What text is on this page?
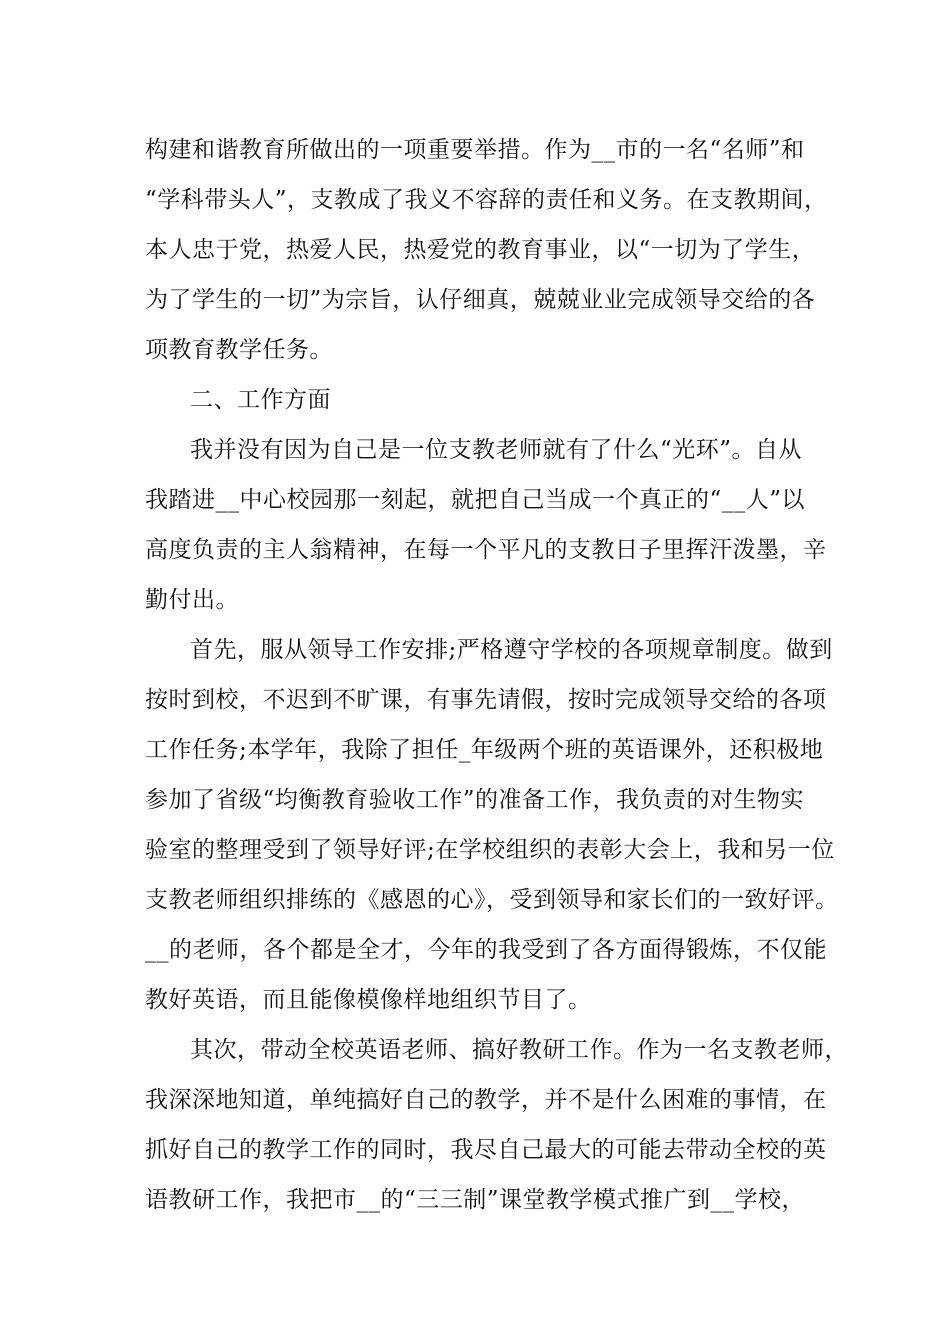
构建和谐教育所做出的一项重要举措。作为__市的一名“名师”和
“学科带头人”，支教成了我义不容辞的责任和义务。在支教期间，
本人忠于党，热爱人民，热爱党的教育事业，以“一切为了学生，
为了学生的一切”为宗旨，认仔细真，兢兢业业完成领导交给的各
项教育教学任务。
二、工作方面
我并没有因为自己是一位支教老师就有了什么“光环”。自从
我踏进__中心校园那一刻起，就把自己当成一个真正的“__人”以
高度负责的主人翁精神，在每一个平凡的支教日子里挥汗泼墨，辛
勤付出。
首先，服从领导工作安排;严格遵守学校的各项规章制度。做到
按时到校，不迟到不旷课，有事先请假，按时完成领导交给的各项
工作任务;本学年，我除了担任_年级两个班的英语课外，还积极地
参加了省级“均衡教育验收工作”的准备工作，我负责的对生物实
验室的整理受到了领导好评;在学校组织的表彰大会上，我和另一位
支教老师组织排练的《感恩的心》，受到领导和家长们的一致好评。
__的老师，各个都是全才，今年的我受到了各方面得锻炼，不仅能
教好英语，而且能像模像样地组织节目了。
其次，带动全校英语老师、搞好教研工作。作为一名支教老师，
我深深地知道，单纯搞好自己的教学，并不是什么困难的事情，在
抓好自己的教学工作的同时，我尽自己最大的可能去带动全校的英
语教研工作，我把市__的“三三制”课堂教学模式推广到__学校，
